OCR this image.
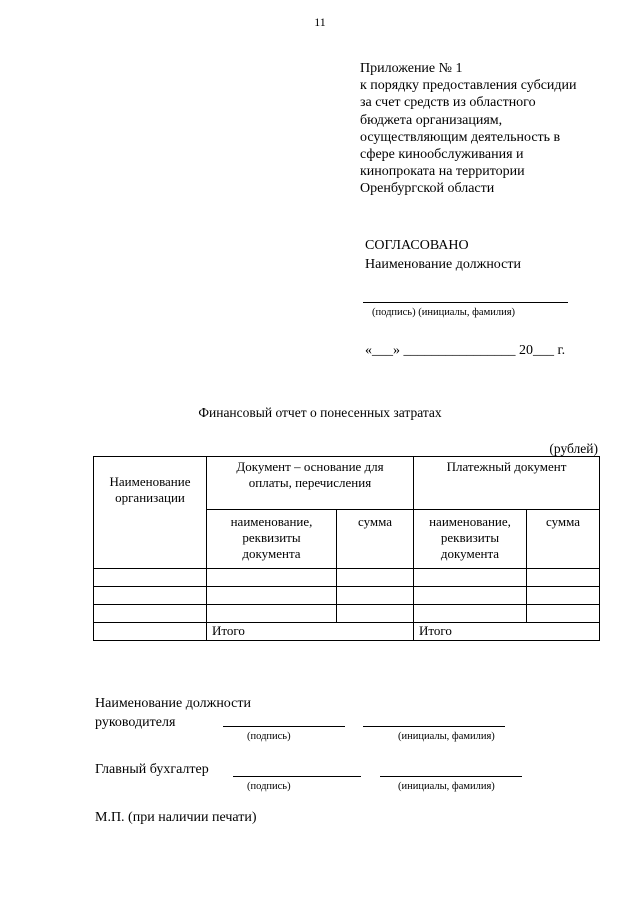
11
Приложение № 1
к порядку предоставления субсидии
за счет средств из областного
бюджета организациям,
осуществляющим деятельность в
сфере кинообслуживания и
кинопроката на территории
Оренбургской области
СОГЛАСОВАНО
Наименование должности
(подпись) (инициалы, фамилия)
«___» ________________ 20___ г.
Финансовый отчет о понесенных затратах
(рублей)
Наименование организации	Документ – основание для оплаты, перечисления		Платежный документ	

	наименование, реквизиты документа	сумма	наименование, реквизиты документа	сумма

	Итого		Итого	
Наименование должности
руководителя
(подпись)	(инициалы, фамилия)
Главный бухгалтер
(подпись)	(инициалы, фамилия)
М.П. (при наличии печати)
